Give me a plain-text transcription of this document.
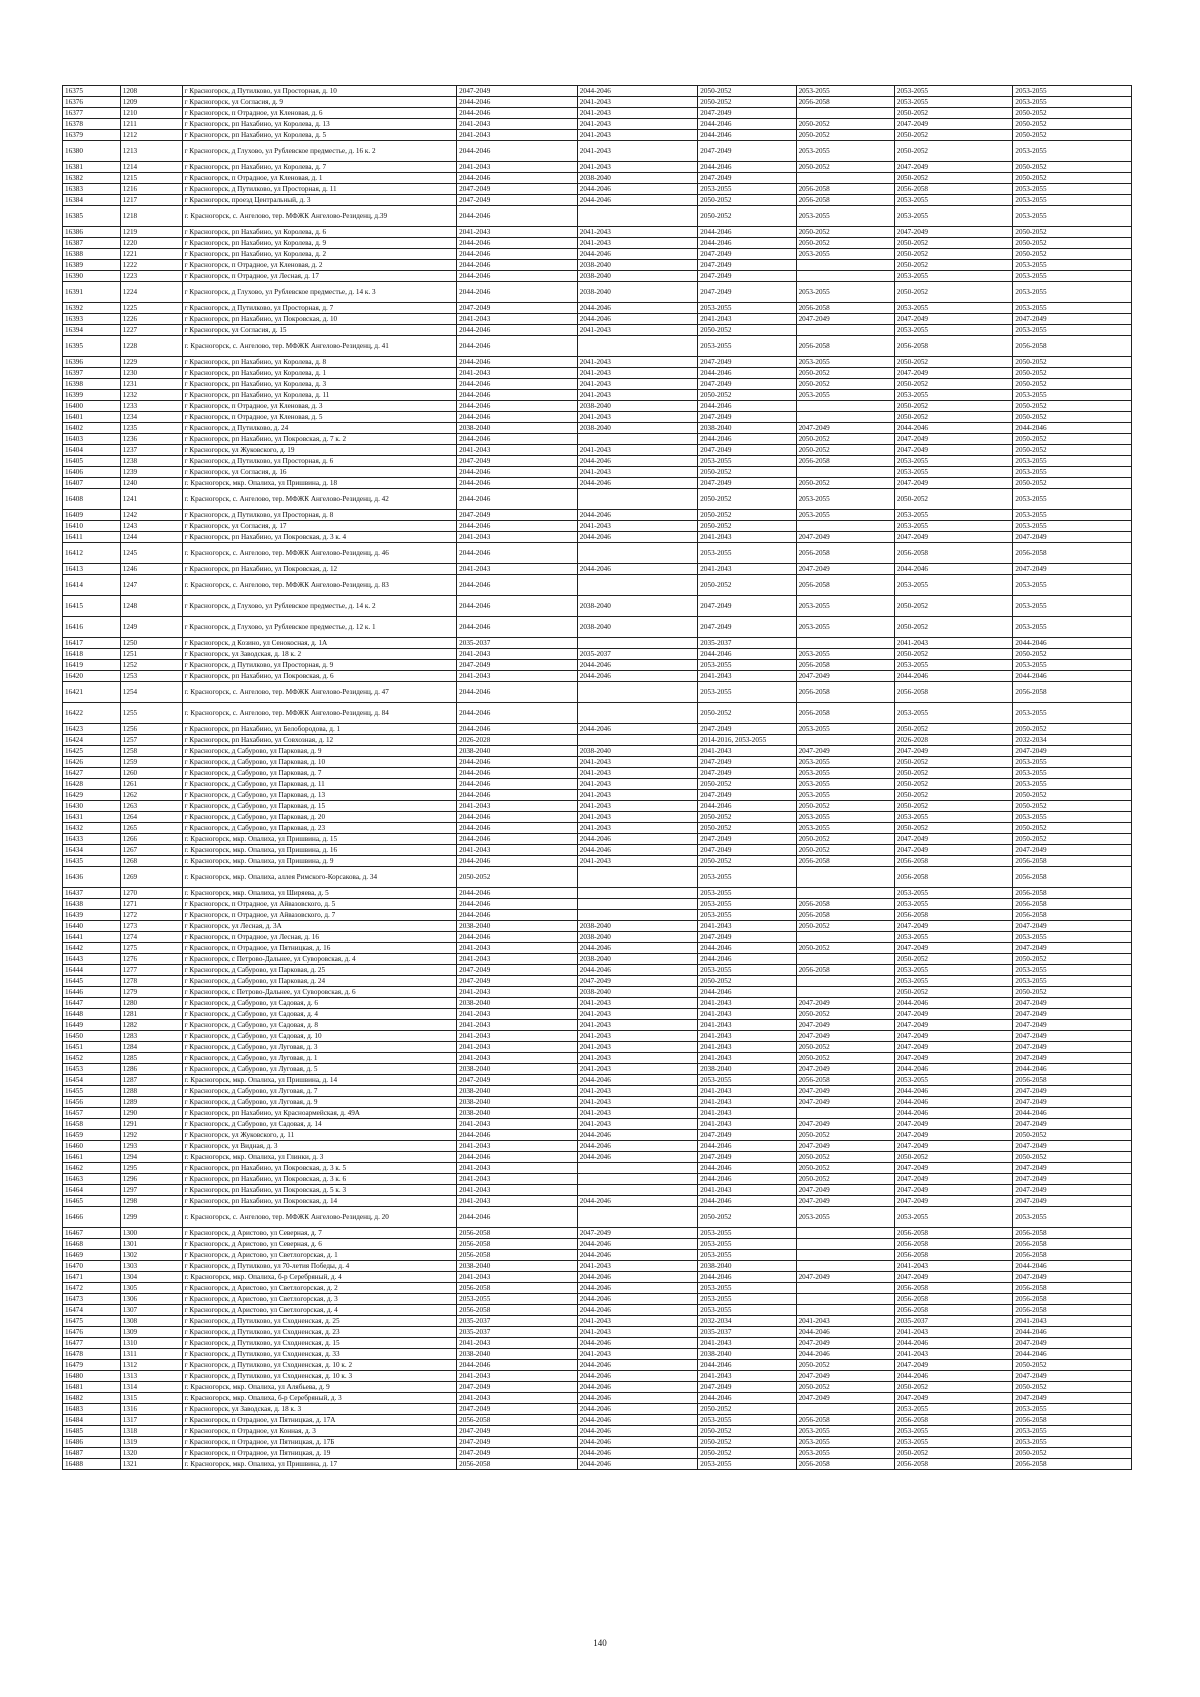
16375	1208	г Красногорск, д Путилково, ул Просторная, д. 10	2047-2049	2044-2046	2050-2052	2053-2055	2053-2055	2053-2055
16376	1209	г Красногорск, ул Согласия, д. 9	2044-2046	2041-2043	2050-2052	2056-2058	2053-2055	2053-2055
16377	1210	г Красногорск, п Отрадное, ул Кленовая, д. 6	2044-2046	2041-2043	2047-2049		2050-2052	2050-2052
16378	1211	г Красногорск, рп Нахабино, ул Королева, д. 13	2041-2043	2041-2043	2044-2046	2050-2052	2047-2049	2050-2052
16379	1212	г Красногорск, рп Нахабино, ул Королева, д. 5	2041-2043	2041-2043	2044-2046	2050-2052	2050-2052	2050-2052
16380	1213	г Красногорск, д Глухово, ул Рублевское предместье, д. 16 к. 2	2044-2046	2041-2043	2047-2049	2053-2055	2050-2052	2053-2055
16381	1214	г Красногорск, рп Нахабино, ул Королева, д. 7	2041-2043	2041-2043	2044-2046	2050-2052	2047-2049	2050-2052
16382	1215	г Красногорск, п Отрадное, ул Кленовая, д. 1	2044-2046	2038-2040	2047-2049		2050-2052	2050-2052
16383	1216	г Красногорск, д Путилково, ул Просторная, д. 11	2047-2049	2044-2046	2053-2055	2056-2058	2056-2058	2053-2055
16384	1217	г Красногорск, проезд Центральный, д. 3	2047-2049	2044-2046	2050-2052	2056-2058	2053-2055	2053-2055
16385	1218	г. Красногорск, с. Ангелово, тер. МФЖК Ангелово-Резиденц, д.39	2044-2046		2050-2052	2053-2055	2053-2055	2053-2055
16386	1219	г Красногорск, рп Нахабино, ул Королева, д. 6	2041-2043	2041-2043	2044-2046	2050-2052	2047-2049	2050-2052
16387	1220	г Красногорск, рп Нахабино, ул Королева, д. 9	2044-2046	2041-2043	2044-2046	2050-2052	2050-2052	2050-2052
16388	1221	г Красногорск, рп Нахабино, ул Королева, д. 2	2044-2046	2044-2046	2047-2049	2053-2055	2050-2052	2050-2052
16389	1222	г Красногорск, п Отрадное, ул Кленовая, д. 2	2044-2046	2038-2040	2047-2049		2050-2052	2053-2055
16390	1223	г Красногорск, п Отрадное, ул Лесная, д. 17	2044-2046	2038-2040	2047-2049		2053-2055	2053-2055
16391	1224	г Красногорск, д Глухово, ул Рублевское предместье, д. 14 к. 3	2044-2046	2038-2040	2047-2049	2053-2055	2050-2052	2053-2055
16392	1225	г Красногорск, д Путилково, ул Просторная, д. 7	2047-2049	2044-2046	2053-2055	2056-2058	2053-2055	2053-2055
16393	1226	г Красногорск, рп Нахабино, ул Покровская, д. 10	2041-2043	2044-2046	2041-2043	2047-2049	2047-2049	2047-2049
16394	1227	г Красногорск, ул Согласия, д. 15	2044-2046	2041-2043	2050-2052		2053-2055	2053-2055
16395	1228	г. Красногорск, с. Ангелово, тер. МФЖК Ангелово-Резиденц, д. 41	2044-2046		2053-2055	2056-2058	2056-2058	2056-2058
16396	1229	г Красногорск, рп Нахабино, ул Королева, д. 8	2044-2046	2041-2043	2047-2049	2053-2055	2050-2052	2050-2052
16397	1230	г Красногорск, рп Нахабино, ул Королева, д. 1	2041-2043	2041-2043	2044-2046	2050-2052	2047-2049	2050-2052
16398	1231	г Красногорск, рп Нахабино, ул Королева, д. 3	2044-2046	2041-2043	2047-2049	2050-2052	2050-2052	2050-2052
16399	1232	г Красногорск, рп Нахабино, ул Королева, д. 11	2044-2046	2041-2043	2050-2052	2053-2055	2053-2055	2053-2055
16400	1233	г Красногорск, п Отрадное, ул Кленовая, д. 3	2044-2046	2038-2040	2044-2046		2050-2052	2050-2052
16401	1234	г Красногорск, п Отрадное, ул Кленовая, д. 5	2044-2046	2041-2043	2047-2049		2050-2052	2050-2052
16402	1235	г Красногорск, д Путилково, д. 24	2038-2040	2038-2040	2038-2040	2047-2049	2044-2046	2044-2046
16403	1236	г Красногорск, рп Нахабино, ул Покровская, д. 7 к. 2	2044-2046		2044-2046	2050-2052	2047-2049	2050-2052
16404	1237	г Красногорск, ул Жуковского, д. 19	2041-2043	2041-2043	2047-2049	2050-2052	2047-2049	2050-2052
16405	1238	г Красногорск, д Путилково, ул Просторная, д. 6	2047-2049	2044-2046	2053-2055	2056-2058	2053-2055	2053-2055
16406	1239	г Красногорск, ул Согласия, д. 16	2044-2046	2041-2043	2050-2052		2053-2055	2053-2055
16407	1240	г. Красногорск, мкр. Опалиха, ул Пришвина, д. 18	2044-2046	2044-2046	2047-2049	2050-2052	2047-2049	2050-2052
16408	1241	г. Красногорск, с. Ангелово, тер. МФЖК Ангелово-Резиденц, д. 42	2044-2046		2050-2052	2053-2055	2050-2052	2053-2055
16409	1242	г Красногорск, д Путилково, ул Просторная, д. 8	2047-2049	2044-2046	2050-2052	2053-2055	2053-2055	2053-2055
16410	1243	г Красногорск, ул Согласия, д. 17	2044-2046	2041-2043	2050-2052		2053-2055	2053-2055
16411	1244	г Красногорск, рп Нахабино, ул Покровская, д. 3 к. 4	2041-2043	2044-2046	2041-2043	2047-2049	2047-2049	2047-2049
16412	1245	г. Красногорск, с. Ангелово, тер. МФЖК Ангелово-Резиденц, д. 46	2044-2046		2053-2055	2056-2058	2056-2058	2056-2058
16413	1246	г Красногорск, рп Нахабино, ул Покровская, д. 12	2041-2043	2044-2046	2041-2043	2047-2049	2044-2046	2047-2049
16414	1247	г. Красногорск, с. Ангелово, тер. МФЖК Ангелово-Резиденц, д. 83	2044-2046		2050-2052	2056-2058	2053-2055	2053-2055
16415	1248	г Красногорск, д Глухово, ул Рублевское предместье, д. 14 к. 2	2044-2046	2038-2040	2047-2049	2053-2055	2050-2052	2053-2055
16416	1249	г Красногорск, д Глухово, ул Рублевское предместье, д. 12 к. 1	2044-2046	2038-2040	2047-2049	2053-2055	2050-2052	2053-2055
16417	1250	г Красногорск, д Козино, ул Сенокосная, д. 1А	2035-2037		2035-2037		2041-2043	2044-2046
16418	1251	г Красногорск, ул Заводская, д. 18 к. 2	2041-2043	2035-2037	2044-2046	2053-2055	2050-2052	2050-2052
16419	1252	г Красногорск, д Путилково, ул Просторная, д. 9	2047-2049	2044-2046	2053-2055	2056-2058	2053-2055	2053-2055
16420	1253	г Красногорск, рп Нахабино, ул Покровская, д. 6	2041-2043	2044-2046	2041-2043	2047-2049	2044-2046	2044-2046
16421	1254	г. Красногорск, с. Ангелово, тер. МФЖК Ангелово-Резиденц, д. 47	2044-2046		2053-2055	2056-2058	2056-2058	2056-2058
16422	1255	г. Красногорск, с. Ангелово, тер. МФЖК Ангелово-Резиденц, д. 84	2044-2046		2050-2052	2056-2058	2053-2055	2053-2055
16423	1256	г Красногорск, рп Нахабино, ул Белобородова, д. 1	2044-2046	2044-2046	2047-2049	2053-2055	2050-2052	2050-2052
16424	1257	г Красногорск, рп Нахабино, ул Совхозная, д. 12	2026-2028		2014-2016, 2053-2055		2026-2028	2032-2034
16425	1258	г Красногорск, д Сабурово, ул Парковая, д. 9	2038-2040	2038-2040	2041-2043	2047-2049	2047-2049	2047-2049
16426	1259	г Красногорск, д Сабурово, ул Парковая, д. 10	2044-2046	2041-2043	2047-2049	2053-2055	2050-2052	2053-2055
16427	1260	г Красногорск, д Сабурово, ул Парковая, д. 7	2044-2046	2041-2043	2047-2049	2053-2055	2050-2052	2053-2055
16428	1261	г Красногорск, д Сабурово, ул Парковая, д. 11	2044-2046	2041-2043	2050-2052	2053-2055	2050-2052	2053-2055
16429	1262	г Красногорск, д Сабурово, ул Парковая, д. 13	2044-2046	2041-2043	2047-2049	2053-2055	2050-2052	2050-2052
16430	1263	г Красногорск, д Сабурово, ул Парковая, д. 15	2041-2043	2041-2043	2044-2046	2050-2052	2050-2052	2050-2052
16431	1264	г Красногорск, д Сабурово, ул Парковая, д. 20	2044-2046	2041-2043	2050-2052	2053-2055	2053-2055	2053-2055
16432	1265	г Красногорск, д Сабурово, ул Парковая, д. 23	2044-2046	2041-2043	2050-2052	2053-2055	2050-2052	2050-2052
16433	1266	г. Красногорск, мкр. Опалиха, ул Пришвина, д. 15	2044-2046	2044-2046	2047-2049	2050-2052	2047-2049	2050-2052
16434	1267	г. Красногорск, мкр. Опалиха, ул Пришвина, д. 16	2041-2043	2044-2046	2047-2049	2050-2052	2047-2049	2047-2049
16435	1268	г. Красногорск, мкр. Опалиха, ул Пришвина, д. 9	2044-2046	2041-2043	2050-2052	2056-2058	2056-2058	2056-2058
16436	1269	г. Красногорск, мкр. Опалиха, аллея Римского-Корсакова, д. 34	2050-2052		2053-2055		2056-2058	2056-2058
16437	1270	г. Красногорск, мкр. Опалиха, ул Ширяева, д. 5	2044-2046		2053-2055		2053-2055	2056-2058
16438	1271	г Красногорск, п Отрадное, ул Айвазовского, д. 5	2044-2046		2053-2055	2056-2058	2053-2055	2056-2058
16439	1272	г Красногорск, п Отрадное, ул Айвазовского, д. 7	2044-2046		2053-2055	2056-2058	2056-2058	2056-2058
16440	1273	г Красногорск, ул Лесная, д. 3А	2038-2040	2038-2040	2041-2043	2050-2052	2047-2049	2047-2049
16441	1274	г Красногорск, п Отрадное, ул Лесная, д. 16	2044-2046	2038-2040	2047-2049		2053-2055	2053-2055
16442	1275	г Красногорск, п Отрадное, ул Пятницкая, д. 16	2041-2043	2044-2046	2044-2046	2050-2052	2047-2049	2047-2049
16443	1276	г Красногорск, с Петрово-Дальнее, ул Суворовская, д. 4	2041-2043	2038-2040	2044-2046		2050-2052	2050-2052
16444	1277	г Красногорск, д Сабурово, ул Парковая, д. 25	2047-2049	2044-2046	2053-2055	2056-2058	2053-2055	2053-2055
16445	1278	г Красногорск, д Сабурово, ул Парковая, д. 24	2047-2049	2047-2049	2050-2052		2053-2055	2053-2055
16446	1279	г Красногорск, с Петрово-Дальнее, ул Суворовская, д. 6	2041-2043	2038-2040	2044-2046		2050-2052	2050-2052
16447	1280	г Красногорск, д Сабурово, ул Садовая, д. 6	2038-2040	2041-2043	2041-2043	2047-2049	2044-2046	2047-2049
16448	1281	г Красногорск, д Сабурово, ул Садовая, д. 4	2041-2043	2041-2043	2041-2043	2050-2052	2047-2049	2047-2049
16449	1282	г Красногорск, д Сабурово, ул Садовая, д. 8	2041-2043	2041-2043	2041-2043	2047-2049	2047-2049	2047-2049
16450	1283	г Красногорск, д Сабурово, ул Садовая, д. 10	2041-2043	2041-2043	2041-2043	2047-2049	2047-2049	2047-2049
16451	1284	г Красногорск, д Сабурово, ул Луговая, д. 3	2041-2043	2041-2043	2041-2043	2050-2052	2047-2049	2047-2049
16452	1285	г Красногорск, д Сабурово, ул Луговая, д. 1	2041-2043	2041-2043	2041-2043	2050-2052	2047-2049	2047-2049
16453	1286	г Красногорск, д Сабурово, ул Луговая, д. 5	2038-2040	2041-2043	2038-2040	2047-2049	2044-2046	2044-2046
16454	1287	г. Красногорск, мкр. Опалиха, ул Пришвина, д. 14	2047-2049	2044-2046	2053-2055	2056-2058	2053-2055	2056-2058
16455	1288	г Красногорск, д Сабурово, ул Луговая, д. 7	2038-2040	2041-2043	2041-2043	2047-2049	2044-2046	2047-2049
16456	1289	г Красногорск, д Сабурово, ул Луговая, д. 9	2038-2040	2041-2043	2041-2043	2047-2049	2044-2046	2047-2049
16457	1290	г Красногорск, рп Нахабино, ул Красноармейская, д. 49А	2038-2040	2041-2043	2041-2043		2044-2046	2044-2046
16458	1291	г Красногорск, д Сабурово, ул Садовая, д. 14	2041-2043	2041-2043	2041-2043	2047-2049	2047-2049	2047-2049
16459	1292	г Красногорск, ул Жуковского, д. 11	2044-2046	2044-2046	2047-2049	2050-2052	2047-2049	2050-2052
16460	1293	г Красногорск, ул Видная, д. 3	2041-2043	2044-2046	2044-2046	2047-2049	2047-2049	2047-2049
16461	1294	г. Красногорск, мкр. Опалиха, ул Глинки, д. 3	2044-2046	2044-2046	2047-2049	2050-2052	2050-2052	2050-2052
16462	1295	г Красногорск, рп Нахабино, ул Покровская, д. 3 к. 5	2041-2043		2044-2046	2050-2052	2047-2049	2047-2049
16463	1296	г Красногорск, рп Нахабино, ул Покровская, д. 3 к. 6	2041-2043		2044-2046	2050-2052	2047-2049	2047-2049
16464	1297	г Красногорск, рп Нахабино, ул Покровская, д. 5 к. 3	2041-2043		2041-2043	2047-2049	2047-2049	2047-2049
16465	1298	г Красногорск, рп Нахабино, ул Покровская, д. 14	2041-2043	2044-2046	2044-2046	2047-2049	2047-2049	2047-2049
16466	1299	г. Красногорск, с. Ангелово, тер. МФЖК Ангелово-Резиденц, д. 20	2044-2046		2050-2052	2053-2055	2053-2055	2053-2055
16467	1300	г Красногорск, д Аристово, ул Северная, д. 7	2056-2058	2047-2049	2053-2055		2056-2058	2056-2058
16468	1301	г Красногорск, д Аристово, ул Северная, д. 6	2056-2058	2044-2046	2053-2055		2056-2058	2056-2058
16469	1302	г Красногорск, д Аристово, ул Светлогорская, д. 1	2056-2058	2044-2046	2053-2055		2056-2058	2056-2058
16470	1303	г Красногорск, д Путилково, ул 70-летия Победы, д. 4	2038-2040	2041-2043	2038-2040		2041-2043	2044-2046
16471	1304	г. Красногорск, мкр. Опалиха, б-р Серебряный, д. 4	2041-2043	2044-2046	2044-2046	2047-2049	2047-2049	2047-2049
16472	1305	г Красногорск, д Аристово, ул Светлогорская, д. 2	2056-2058	2044-2046	2053-2055		2056-2058	2056-2058
16473	1306	г Красногорск, д Аристово, ул Светлогорская, д. 3	2053-2055	2044-2046	2053-2055		2056-2058	2056-2058
16474	1307	г Красногорск, д Аристово, ул Светлогорская, д. 4	2056-2058	2044-2046	2053-2055		2056-2058	2056-2058
16475	1308	г Красногорск, д Путилково, ул Сходненская, д. 25	2035-2037	2041-2043	2032-2034	2041-2043	2035-2037	2041-2043
16476	1309	г Красногорск, д Путилково, ул Сходненская, д. 23	2035-2037	2041-2043	2035-2037	2044-2046	2041-2043	2044-2046
16477	1310	г Красногорск, д Путилково, ул Сходненская, д. 15	2041-2043	2044-2046	2041-2043	2047-2049	2044-2046	2047-2049
16478	1311	г Красногорск, д Путилково, ул Сходненская, д. 33	2038-2040	2041-2043	2038-2040	2044-2046	2041-2043	2044-2046
16479	1312	г Красногорск, д Путилково, ул Сходненская, д. 10 к. 2	2044-2046	2044-2046	2044-2046	2050-2052	2047-2049	2050-2052
16480	1313	г Красногорск, д Путилково, ул Сходненская, д. 10 к. 3	2041-2043	2044-2046	2041-2043	2047-2049	2044-2046	2047-2049
16481	1314	г. Красногорск, мкр. Опалиха, ул Алябьева, д. 9	2047-2049	2044-2046	2047-2049	2050-2052	2050-2052	2050-2052
16482	1315	г. Красногорск, мкр. Опалиха, б-р Серебряный, д. 3	2041-2043	2044-2046	2044-2046	2047-2049	2047-2049	2047-2049
16483	1316	г Красногорск, ул Заводская, д. 18 к. 3	2047-2049	2044-2046	2050-2052		2053-2055	2053-2055
16484	1317	г Красногорск, п Отрадное, ул Пятницкая, д. 17А	2056-2058	2044-2046	2053-2055	2056-2058	2056-2058	2056-2058
16485	1318	г Красногорск, п Отрадное, ул Конная, д. 3	2047-2049	2044-2046	2050-2052	2053-2055	2053-2055	2053-2055
16486	1319	г Красногорск, п Отрадное, ул Пятницкая, д. 17Б	2047-2049	2044-2046	2050-2052	2053-2055	2053-2055	2053-2055
16487	1320	г Красногорск, п Отрадное, ул Пятницкая, д. 19	2047-2049	2044-2046	2050-2052	2053-2055	2050-2052	2050-2052
16488	1321	г. Красногорск, мкр. Опалиха, ул Пришвина, д. 17	2056-2058	2044-2046	2053-2055	2056-2058	2056-2058	2056-2058
140
